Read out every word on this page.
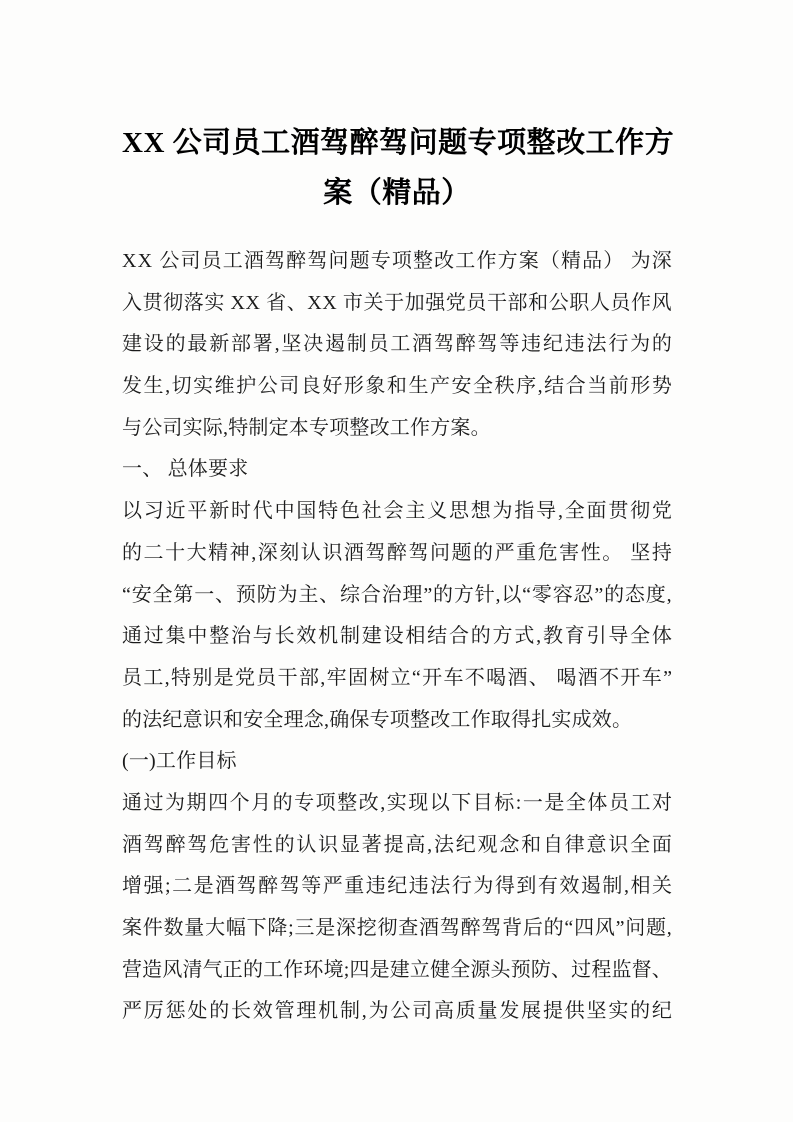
XX 公司员工酒驾醉驾问题专项整改工作方
案（精品）
X X
公 司 员 工 酒 驾 醉 驾 问 题 专 项 整 改 工 作 方 案 （ 精 品 ）
为 深
入 贯 彻 落 实
X X
省 、 X X
市 关 于 加 强 党 员 干 部 和 公 职 人 员 作 风
建 设 的 最 新 部 署 , 坚 决 遏 制 员 工 酒 驾 醉 驾 等 违 纪 违 法 行 为 的
发 生 , 切 实 维 护 公 司 良 好 形 象 和 生 产 安 全 秩 序 , 结 合 当 前 形 势
与公司实际,特制定本专项整改工作方案。
一、 总体要求
以 习 近 平 新 时 代 中 国 特 色 社 会 主 义 思 想 为 指 导 , 全 面 贯 彻 党
的 二 十 大 精 神 , 深 刻 认 识 酒 驾 醉 驾 问 题 的 严 重 危 害 性 。
坚 持
“ 安 全 第 一 、 预 防 为 主 、 综 合 治 理 ” 的 方 针 , 以 “ 零 容 忍 ” 的 态 度 ,
通 过 集 中 整 治 与 长 效 机 制 建 设 相 结 合 的 方 式 , 教 育 引 导 全 体
员 工 , 特 别 是 党 员 干 部 , 牢 固 树 立 “ 开 车 不 喝 酒 、
喝 酒 不 开 车 ”
的法纪意识和安全理念,确保专项整改工作取得扎实成效。
(一)工作目标
通 过 为 期 四 个 月 的 专 项 整 改 , 实 现 以 下 目 标 : 一 是 全 体 员 工 对
酒 驾 醉 驾 危 害 性 的 认 识 显 著 提 高 , 法 纪 观 念 和 自 律 意 识 全 面
增 强 ; 二 是 酒 驾 醉 驾 等 严 重 违 纪 违 法 行 为 得 到 有 效 遏 制 , 相 关
案 件 数 量 大 幅 下 降 ; 三 是 深 挖 彻 查 酒 驾 醉 驾 背 后 的 “ 四 风 ” 问 题 ,
营 造 风 清 气 正 的 工 作 环 境 ; 四 是 建 立 健 全 源 头 预 防 、 过 程 监 督 、
严 厉 惩 处 的 长 效 管 理 机 制 , 为 公 司 高 质 量 发 展 提 供 坚 实 的 纪
